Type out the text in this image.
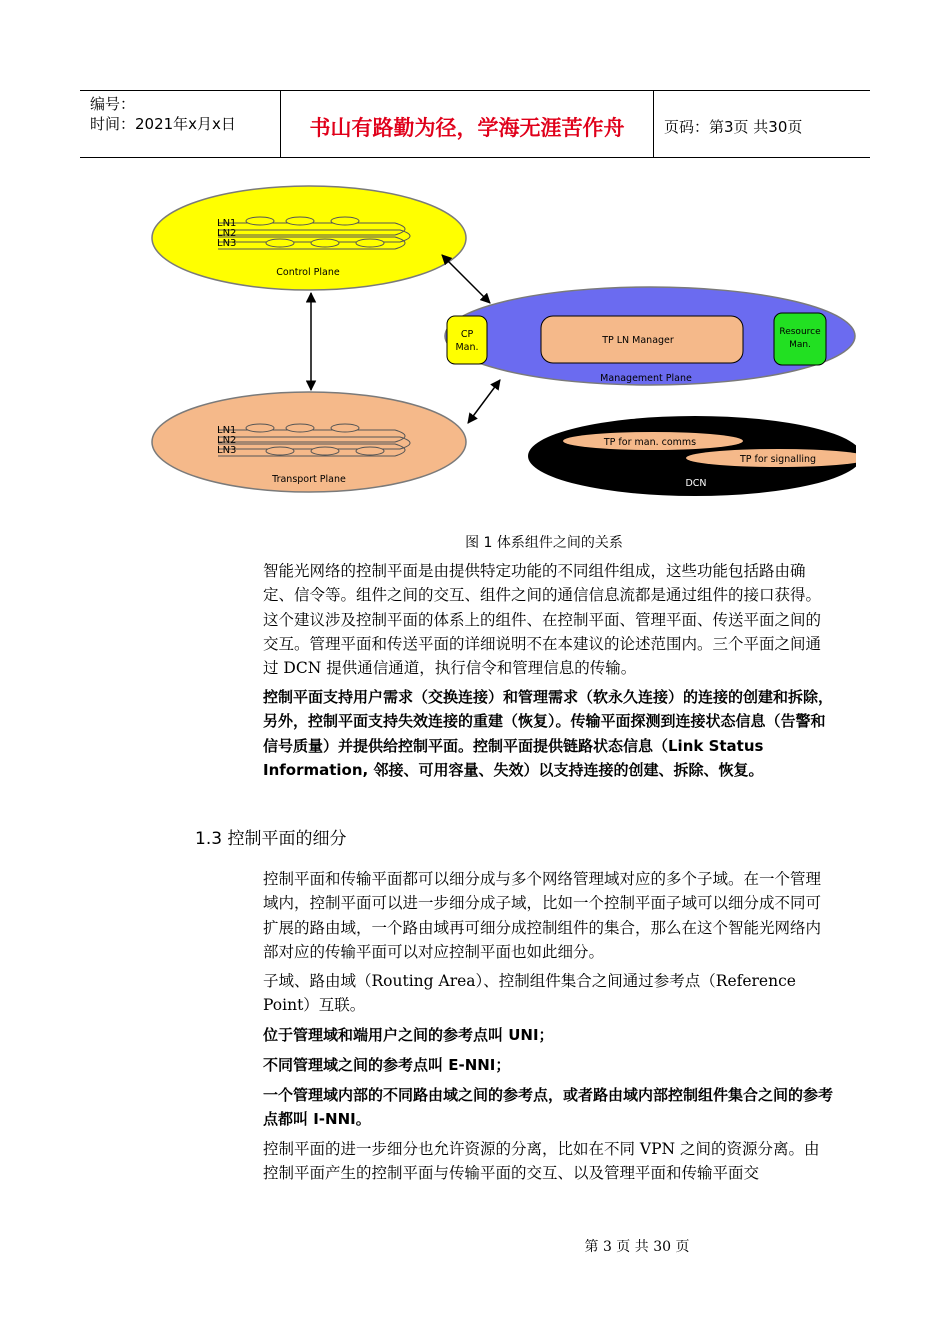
编号：
时间：2021年x月x日	书山有路勤为径，学海无涯苦作舟	页码：第3页 共30页
LN1
LN2
LN3
Control Plane
LN1
LN2
LN3
Transport Plane
CP
Man.
TP LN Manager
Resource
Man.
Management Plane
TP for man. comms
TP for signalling
DCN
图 1 体系组件之间的关系
智能光网络的控制平面是由提供特定功能的不同组件组成，这些功能包括路由确定、信令等。组件之间的交互、组件之间的通信信息流都是通过组件的接口获得。这个建议涉及控制平面的体系上的组件、在控制平面、管理平面、传送平面之间的交互。管理平面和传送平面的详细说明不在本建议的论述范围内。三个平面之间通过 DCN 提供通信通道，执行信令和管理信息的传输。
控制平面支持用户需求（交换连接）和管理需求（软永久连接）的连接的创建和拆除，另外，控制平面支持失效连接的重建（恢复）。传输平面探测到连接状态信息（告警和信号质量）并提供给控制平面。控制平面提供链路状态信息（Link Status Information, 邻接、可用容量、失效）以支持连接的创建、拆除、恢复。
1.3 控制平面的细分
控制平面和传输平面都可以细分成与多个网络管理域对应的多个子域。在一个管理域内，控制平面可以进一步细分成子域，比如一个控制平面子域可以细分成不同可扩展的路由域，一个路由域再可细分成控制组件的集合，那么在这个智能光网络内部对应的传输平面可以对应控制平面也如此细分。
子域、路由域（Routing Area）、控制组件集合之间通过参考点（Reference Point）互联。
位于管理域和端用户之间的参考点叫 UNI；
不同管理域之间的参考点叫 E-NNI；
一个管理域内部的不同路由域之间的参考点，或者路由域内部控制组件集合之间的参考点都叫 I-NNI。
控制平面的进一步细分也允许资源的分离，比如在不同 VPN 之间的资源分离。由控制平面产生的控制平面与传输平面的交互、以及管理平面和传输平面交
第 3 页 共 30 页
